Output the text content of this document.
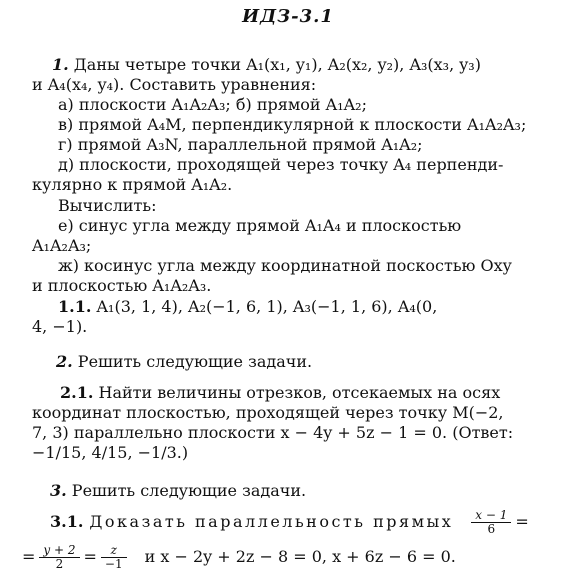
ИДЗ-3.1
1. Даны четыре точки A₁(x₁, y₁), A₂(x₂, y₂), A₃(x₃, y₃)
и A₄(x₄, y₄). Составить уравнения:
а) плоскости A₁A₂A₃; б) прямой A₁A₂;
в) прямой A₄M, перпендикулярной к плоскости A₁A₂A₃;
г) прямой A₃N, параллельной прямой A₁A₂;
д) плоскости, проходящей через точку A₄ перпенди-
кулярно к прямой A₁A₂.
Вычислить:
е) синус угла между прямой A₁A₄ и плоскостью
A₁A₂A₃;
ж) косинус угла между координатной поскостью Oxy
и плоскостью A₁A₂A₃.
1.1. A₁(3, 1, 4), A₂(−1, 6, 1), A₃(−1, 1, 6), A₄(0,
4, −1).
2. Решить следующие задачи.
2.1. Найти величины отрезков, отсекаемых на осях
координат плоскостью, проходящей через точку M(−2,
7, 3) параллельно плоскости x − 4y + 5z − 1 = 0. (Ответ:
−1/15, 4/15, −1/3.)
3. Решить следующие задачи.
3.1. Доказать параллельность прямых $\frac{x - 1}{6}$ =
= $\frac{y + 2}{2} = \frac{z}{-1}$ и x − 2y + 2z − 8 = 0, x + 6z − 6 = 0.
